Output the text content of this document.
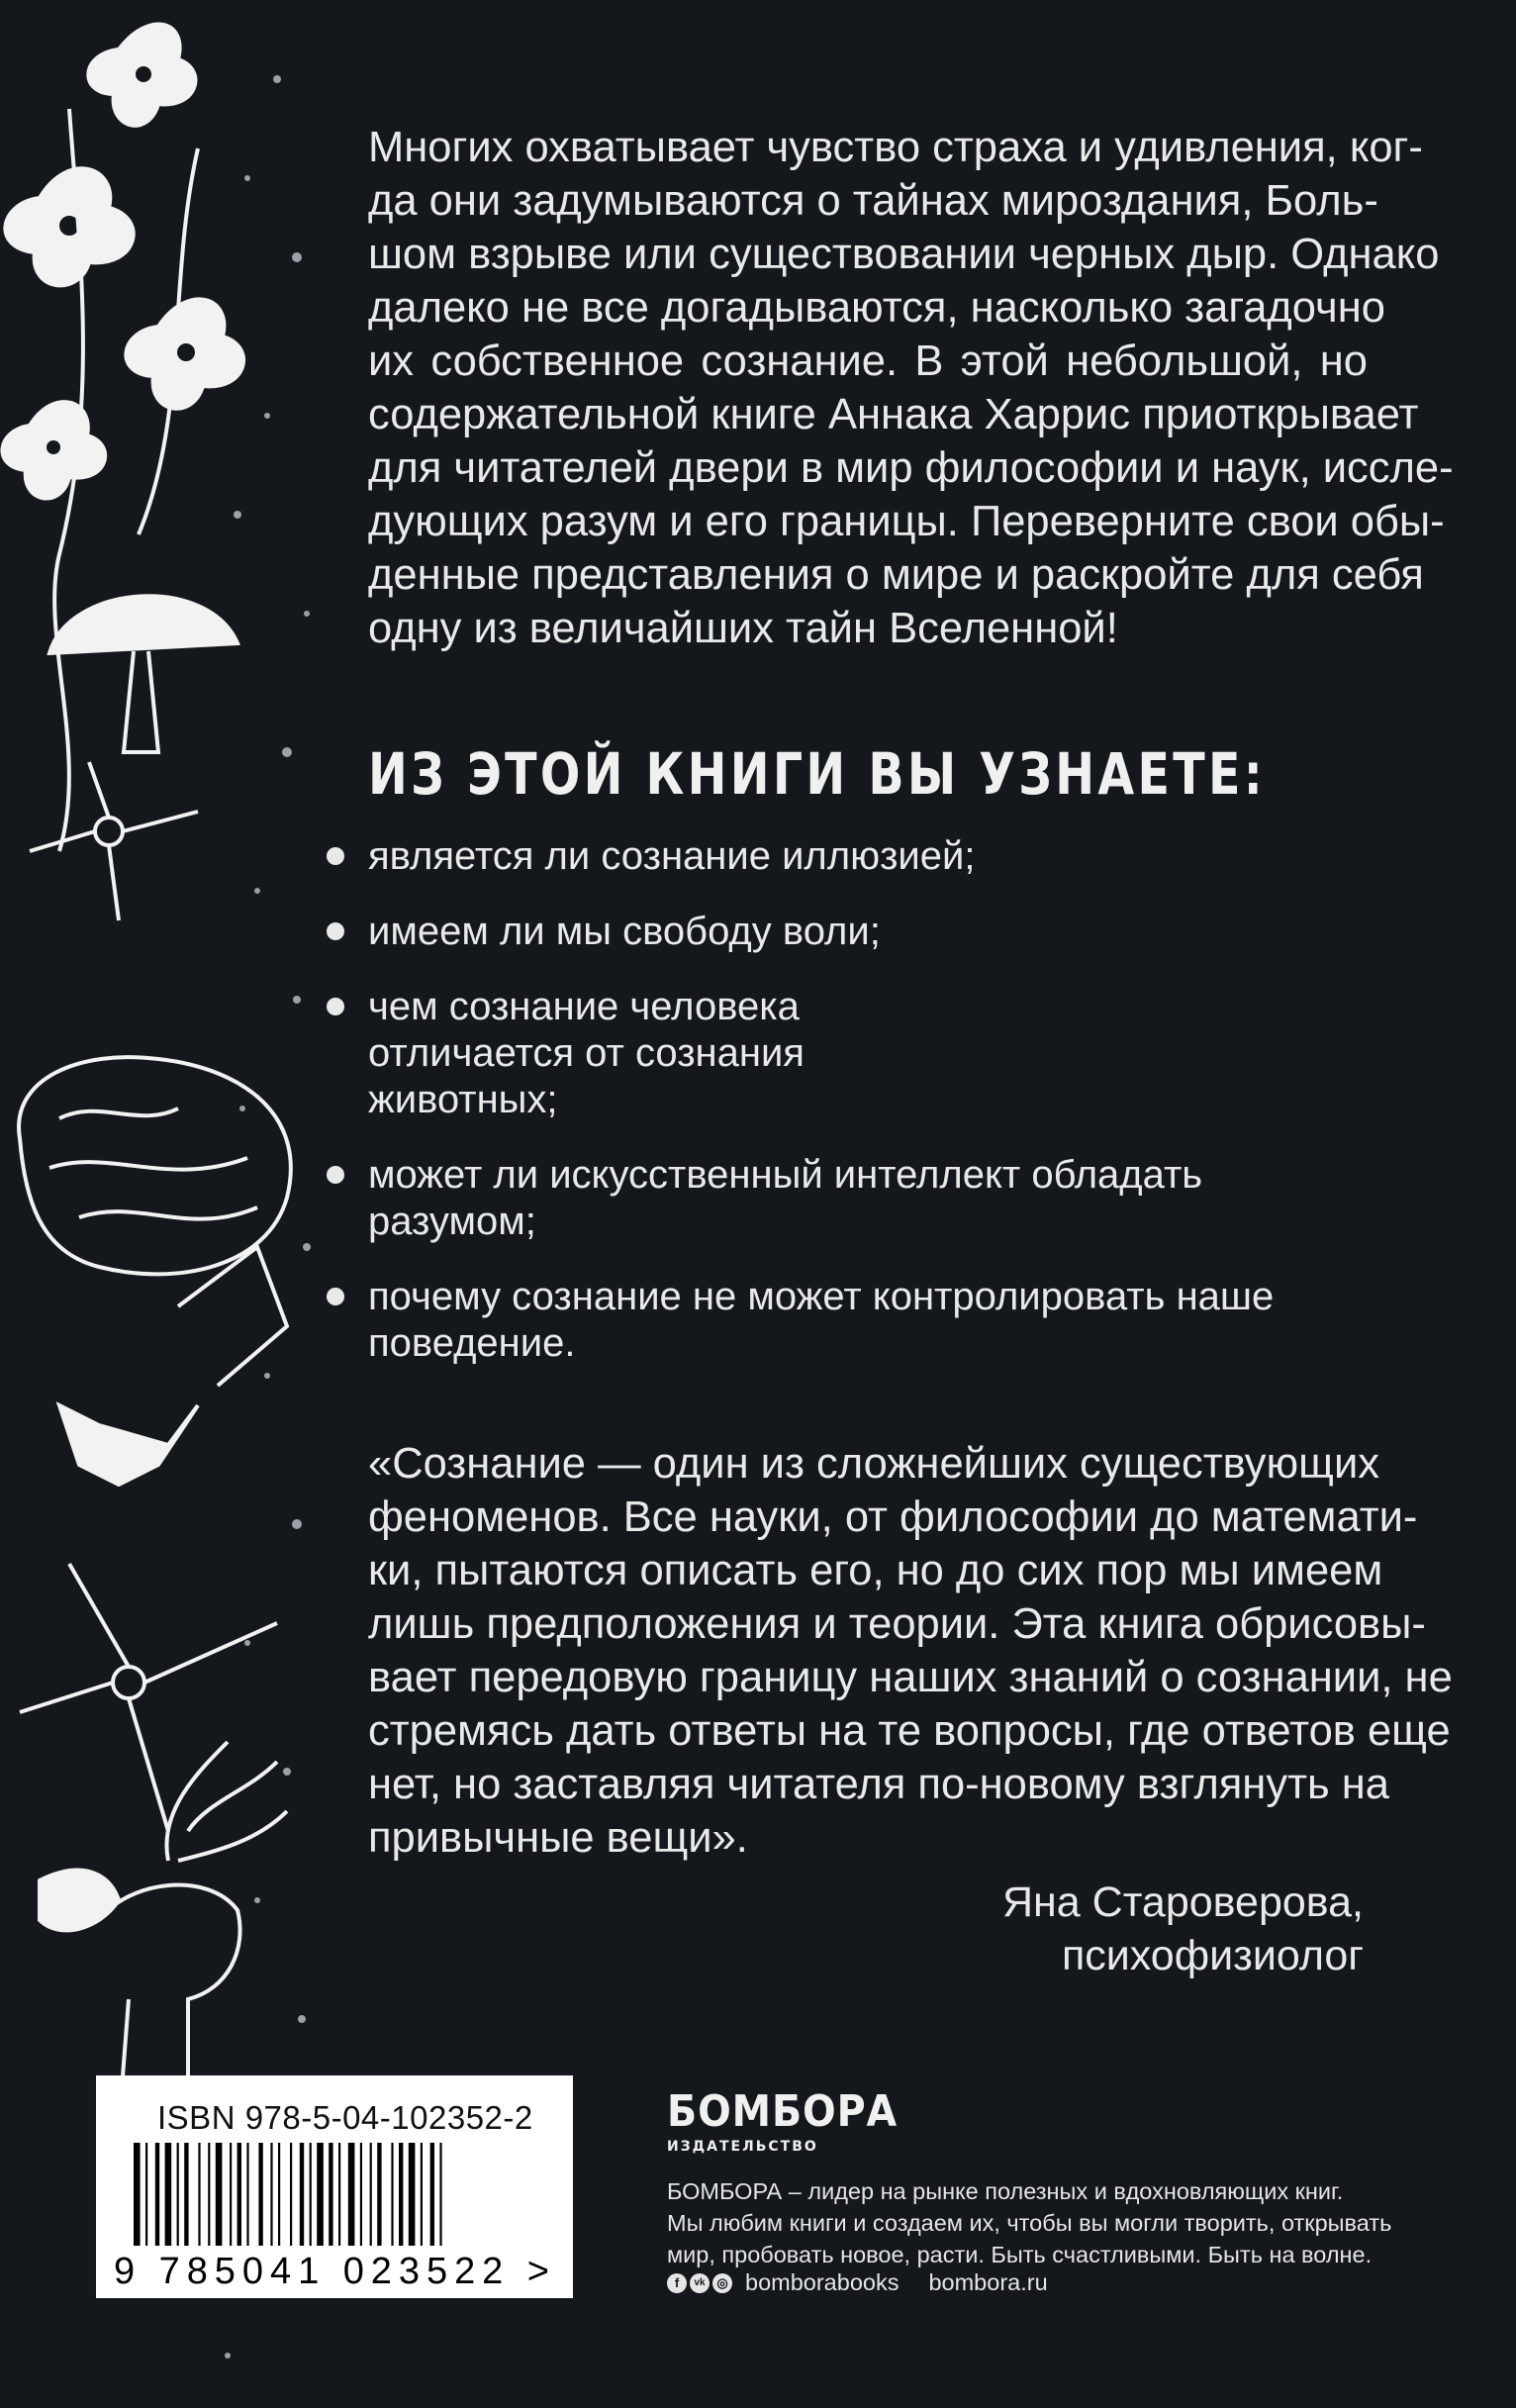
Многих охватывает чувство страха и удивления, ког-
да они задумываются о тайнах мироздания, Боль-
шом взрыве или существовании черных дыр. Однако
далеко не все догадываются, насколько загадочно
их собственное сознание. В этой небольшой, но
содержательной книге Аннака Харрис приоткрывает
для читателей двери в мир философии и наук, иссле-
дующих разум и его границы. Переверните свои обы-
денные представления о мире и раскройте для себя
одну из величайших тайн Вселенной!
ИЗ ЭТОЙ КНИГИ ВЫ УЗНАЕТЕ:
является ли сознание иллюзией;
имеем ли мы свободу воли;
чем сознание человека отличается от сознания животных;
может ли искусственный интеллект обладать разумом;
почему сознание не может контролировать наше поведение.
«Сознание — один из сложнейших существующих
феноменов. Все науки, от философии до математи-
ки, пытаются описать его, но до сих пор мы имеем
лишь предположения и теории. Эта книга обрисовы-
вает передовую границу наших знаний о сознании, не
стремясь дать ответы на те вопросы, где ответов еще
нет, но заставляя читателя по-новому взглянуть на
привычные вещи».
Яна Староверова,
психофизиолог
ISBN 978-5-04-102352-2
9 785041 023522 >
БОМБОРА
ИЗДАТЕЛЬСТВО
БОМБОРА – лидер на рынке полезных и вдохновляющих книг.
Мы любим книги и создаем их, чтобы вы могли творить, открывать
мир, пробовать новое, расти. Быть счастливыми. Быть на волне.
f	vk ◎ bomborabooks bombora.ru
